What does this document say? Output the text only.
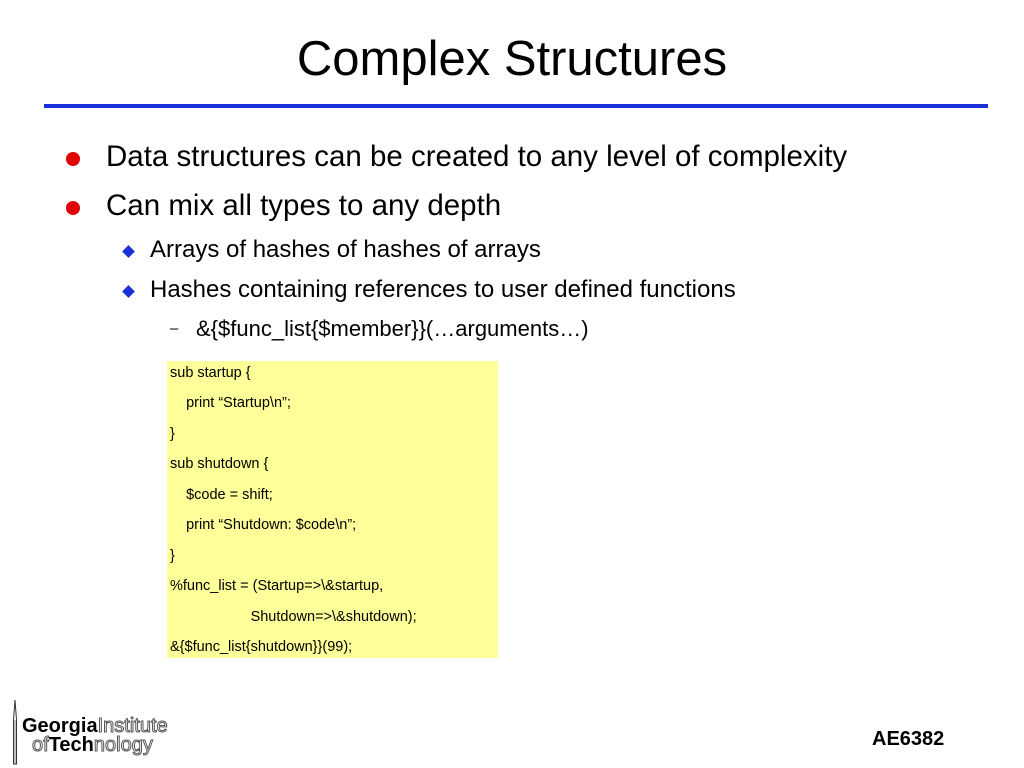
Complex Structures
Data structures can be created to any level of complexity
Can mix all types to any depth
Arrays of hashes of hashes of arrays
Hashes containing references to user defined functions
– &{$func_list{$member}}(…arguments…)
sub startup {
print “Startup\n”;
}
sub shutdown {
$code = shift;
print “Shutdown: $code\n”;
}
%func_list = (Startup=>\&startup,
Shutdown=>\&shutdown);
&{$func_list{shutdown}}(99);
GeorgiaInstitute
ofTechnology	AE6382
